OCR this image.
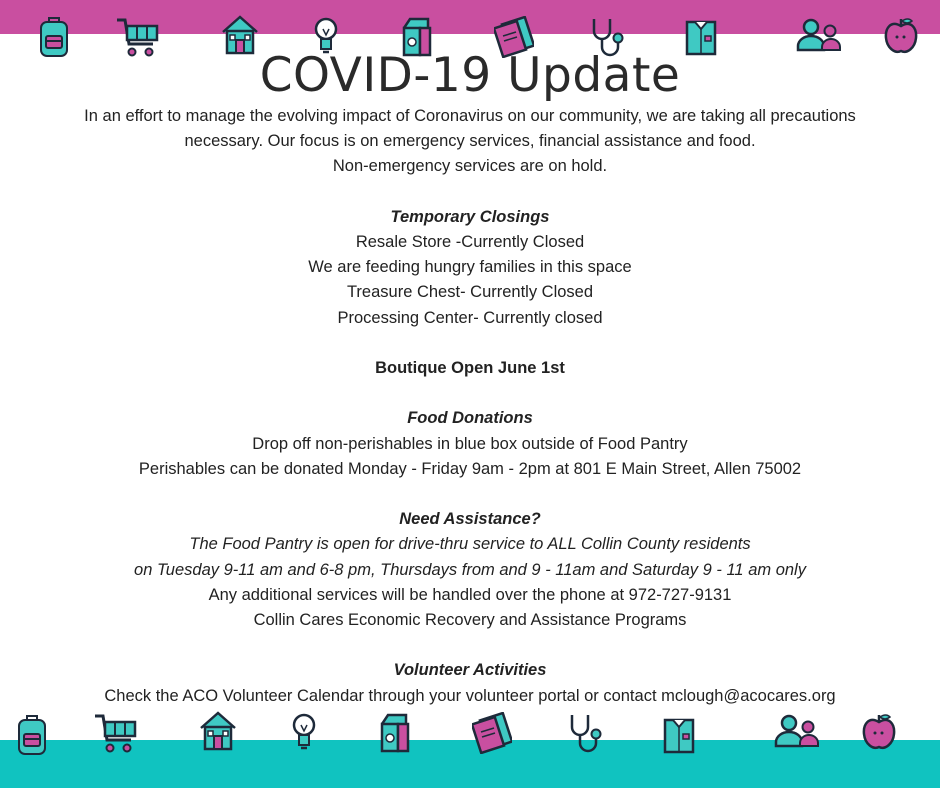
COVID-19 Update

In an effort to manage the evolving impact of Coronavirus on our community, we are taking all precautions

necessary. Our focus is on emergency services, financial assistance and food.

Non-emergency services are on hold.

Temporary Closings

Resale Store -Currently Closed

We are feeding hungry families in this space

Treasure Chest- Currently Closed

Processing Center- Currently closed

Boutique Open June 1st

Food Donations

Drop off non-perishables in blue box outside of Food Pantry

Perishables can be donated Monday - Friday 9am - 2pm at 801 E Main Street, Allen 75002

Need Assistance?

The Food Pantry is open for drive-thru service to ALL Collin County residents

on Tuesday 9-11 am and 6-8 pm, Thursdays from and 9 - 11am and Saturday 9 - 11 am only

Any additional services will be handled over the phone at 972-727-9131

Collin Cares Economic Recovery and Assistance Programs

Volunteer Activities

Check the ACO Volunteer Calendar through your volunteer portal or contact mclough@acocares.org
